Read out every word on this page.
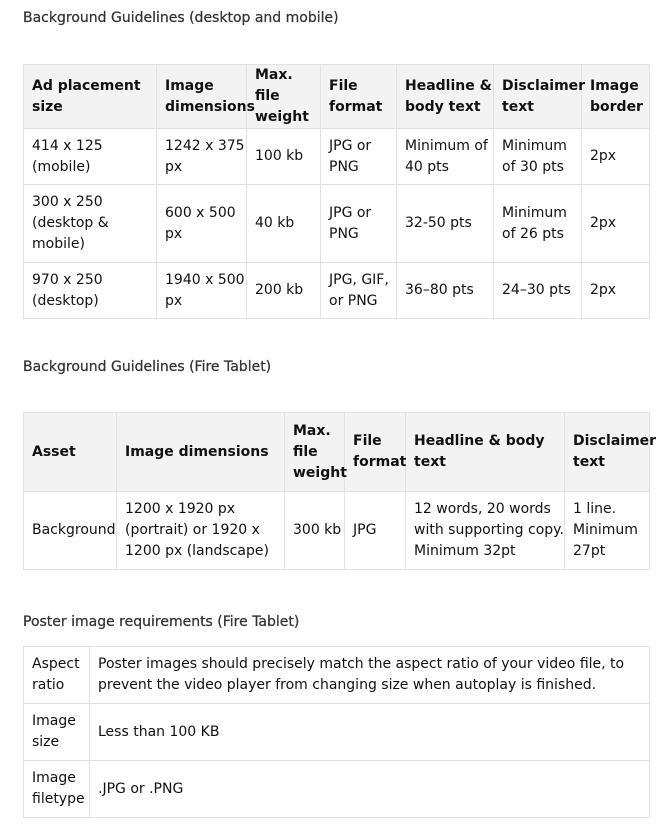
Background Guidelines (desktop and mobile)
Ad placement size	Image dimensions	Max. file weight	File format	Headline & body text	Disclaimer text	Image border
414 x 125 (mobile)	1242 x 375 px	100 kb	JPG or PNG	Minimum of 40 pts	Minimum of 30 pts	2px
300 x 250 (desktop & mobile)	600 x 500 px	40 kb	JPG or PNG	32-50 pts	Minimum of 26 pts	2px
970 x 250 (desktop)	1940 x 500 px	200 kb	JPG, GIF, or PNG	36–80 pts	24–30 pts	2px
Background Guidelines (Fire Tablet)
Asset	Image dimensions	Max. file weight	File format	Headline & body text	Disclaimer text
Background	1200 x 1920 px (portrait) or 1920 x 1200 px (landscape)	300 kb	JPG	12 words, 20 words with supporting copy. Minimum 32pt	1 line. Minimum 27pt
Poster image requirements (Fire Tablet)
Aspect ratio	Poster images should precisely match the aspect ratio of your video file, to prevent the video player from changing size when autoplay is finished.
Image size	Less than 100 KB
Image filetype	.JPG or .PNG
